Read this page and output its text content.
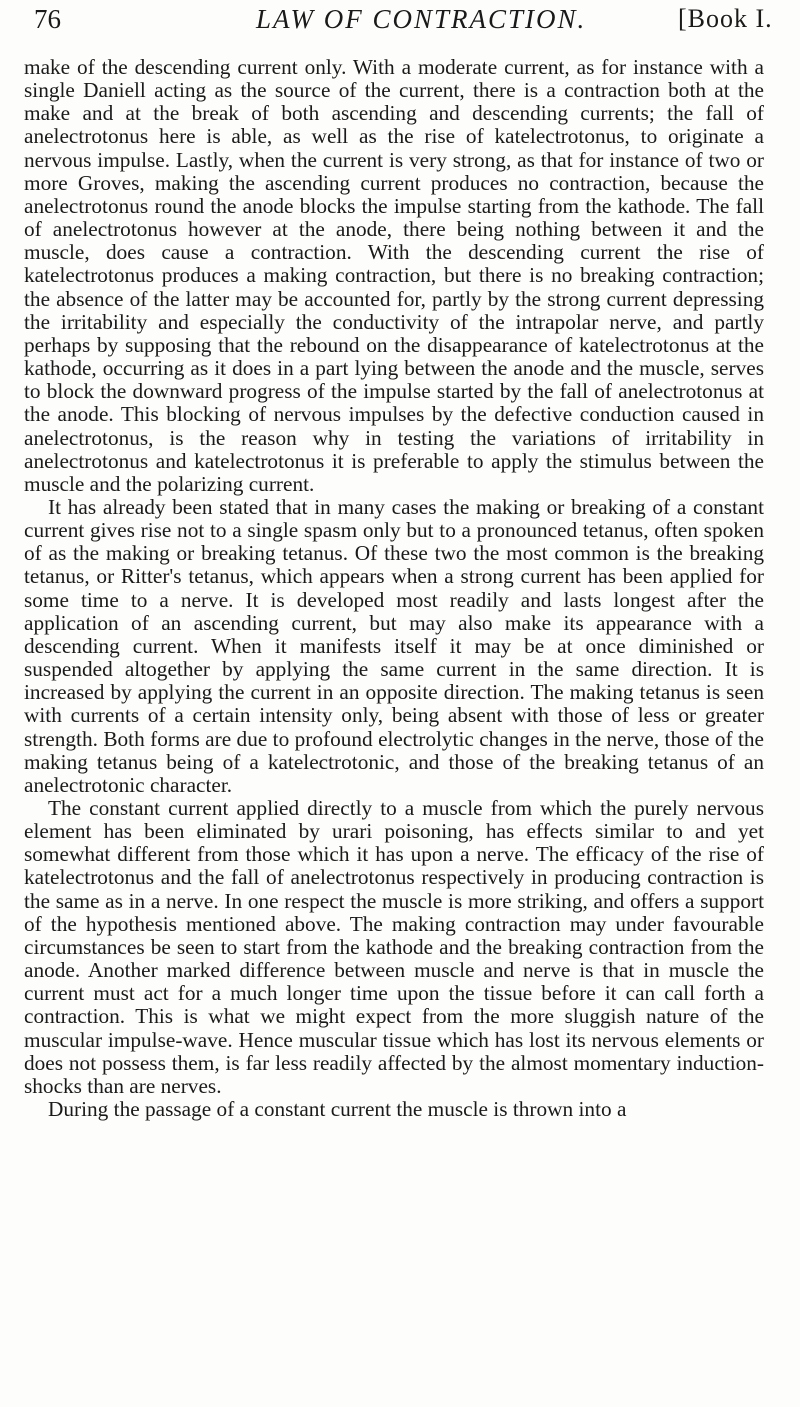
76	LAW OF CONTRACTION.	[Book I.

make of the descending current only. With a moderate current, as for instance with a single Daniell acting as the source of the current, there is a contraction both at the make and at the break of both ascending and descending currents; the fall of anelectrotonus here is able, as well as the rise of katelectrotonus, to originate a nervous impulse. Lastly, when the current is very strong, as that for instance of two or more Groves, making the ascending current produces no contraction, because the anelectrotonus round the anode blocks the impulse starting from the kathode. The fall of anelectrotonus however at the anode, there being nothing between it and the muscle, does cause a contraction. With the descending current the rise of katelectrotonus produces a making contraction, but there is no breaking contraction; the absence of the latter may be accounted for, partly by the strong current depressing the irritability and especially the conductivity of the intrapolar nerve, and partly perhaps by supposing that the rebound on the disappearance of katelectrotonus at the kathode, occurring as it does in a part lying between the anode and the muscle, serves to block the downward progress of the impulse started by the fall of anelectrotonus at the anode. This blocking of nervous impulses by the defective conduction caused in anelectrotonus, is the reason why in testing the variations of irritability in anelectrotonus and katelectrotonus it is preferable to apply the stimulus between the muscle and the polarizing current.

It has already been stated that in many cases the making or breaking of a constant current gives rise not to a single spasm only but to a pronounced tetanus, often spoken of as the making or breaking tetanus. Of these two the most common is the breaking tetanus, or Ritter's tetanus, which appears when a strong current has been applied for some time to a nerve. It is developed most readily and lasts longest after the application of an ascending current, but may also make its appearance with a descending current. When it manifests itself it may be at once diminished or suspended altogether by applying the same current in the same direction. It is increased by applying the current in an opposite direction. The making tetanus is seen with currents of a certain intensity only, being absent with those of less or greater strength. Both forms are due to profound electrolytic changes in the nerve, those of the making tetanus being of a katelectrotonic, and those of the breaking tetanus of an anelectrotonic character.

The constant current applied directly to a muscle from which the purely nervous element has been eliminated by urari poisoning, has effects similar to and yet somewhat different from those which it has upon a nerve. The efficacy of the rise of katelectrotonus and the fall of anelectrotonus respectively in producing contraction is the same as in a nerve. In one respect the muscle is more striking, and offers a support of the hypothesis mentioned above. The making contraction may under favourable circumstances be seen to start from the kathode and the breaking contraction from the anode. Another marked difference between muscle and nerve is that in muscle the current must act for a much longer time upon the tissue before it can call forth a contraction. This is what we might expect from the more sluggish nature of the muscular impulse-wave. Hence muscular tissue which has lost its nervous elements or does not possess them, is far less readily affected by the almost momentary induction-shocks than are nerves.

During the passage of a constant current the muscle is thrown into a
